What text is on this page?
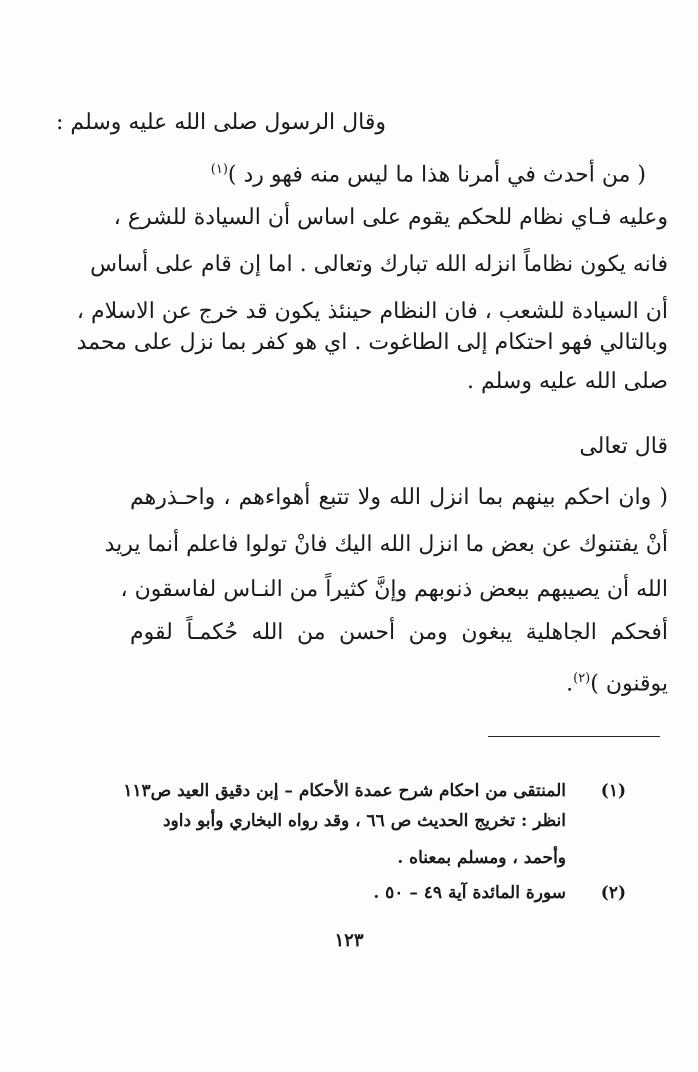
وقال الرسول صلى الله عليه وسلم :
( من أحدث في أمرنا هذا ما ليس منه فهو رد )$^{(١)}$
وعليه فـاي نظام للحكم يقوم على اساس أن السيادة للشرع ،
فانه يكون نظاماً انزله الله تبارك وتعالى . اما إن قام على أساس
أن السيادة للشعب ، فان النظام حينئذ يكون قد خرج عن الاسلام ،
وبالتالي فهو احتكام إلى الطاغوت . اي هو كفر بما نزل على محمد
صلى الله عليه وسلم .
قال تعالى
( وان احكم بينهم بما انزل الله ولا تتبع أهواءهم ، واحـذرهم
أنْ يفتنوك عن بعض ما انزل الله اليك فانْ تولوا فاعلم أنما يريد
الله أن يصيبهم ببعض ذنوبهم وإنَّ كثيراً من النـاس لفاسقون ،
أفحكم الجاهلية يبغون ومن أحسن من الله حُكمـاً لقوم
يوقنون )$^{(٢)}$.
(١)
المنتقى من احكام شرح عمدة الأحكام – إبن دقيق العيد ص١١٣
انظر : تخريج الحديث ص ٦٦ ، وقد رواه البخاري وأبو داود
وأحمد ، ومسلم بمعناه .
(٢)
سورة المائدة آية ٤٩ – ٥٠ .
١٢٣
